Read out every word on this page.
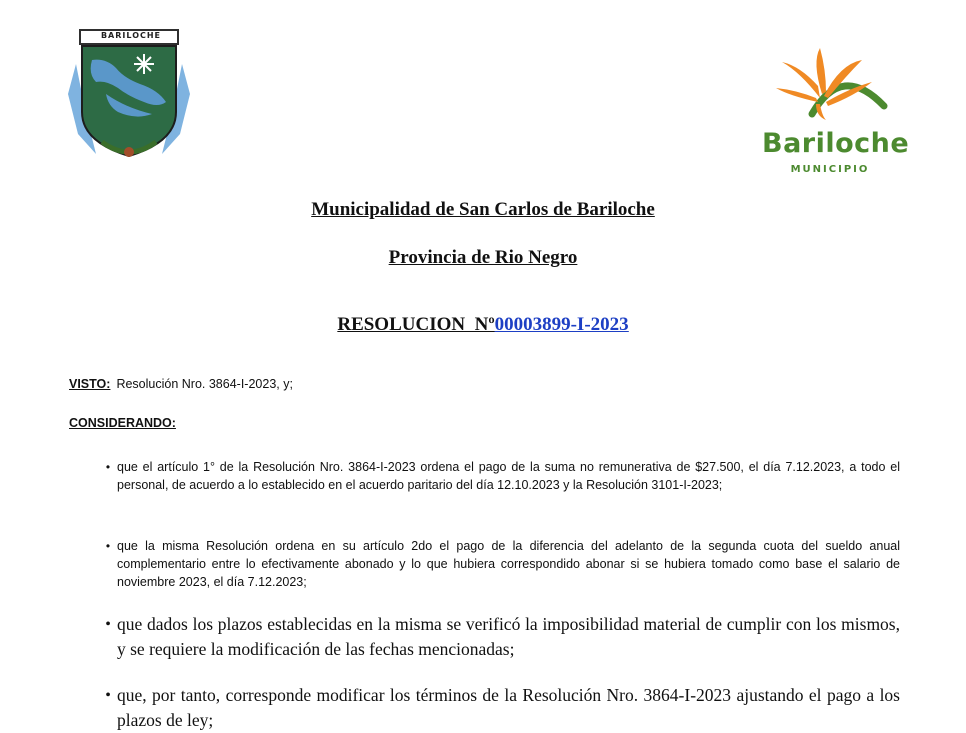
BARILOCHE
Bariloche
MUNICIPIO
Municipalidad de San Carlos de Bariloche
Provincia de Rio Negro
RESOLUCION  Nº00003899-I-2023
VISTO: Resolución Nro. 3864-I-2023, y;
CONSIDERANDO:
• que el artículo 1° de la Resolución Nro. 3864-I-2023 ordena el pago de la suma no remunerativa de $27.500, el día 7.12.2023, a todo el personal, de acuerdo a lo establecido en el acuerdo paritario del día 12.10.2023 y la Resolución 3101-I-2023;
• que la misma Resolución ordena en su artículo 2do el pago de la diferencia del adelanto de la segunda cuota del sueldo anual complementario entre lo efectivamente abonado y lo que hubiera correspondido abonar si se hubiera tomado como base el salario de noviembre 2023, el día 7.12.2023;
• que dados los plazos establecidas en la misma se verificó la imposibilidad material de cumplir con los mismos, y se requiere la modificación de las fechas mencionadas;
• que, por tanto, corresponde modificar los términos de la Resolución Nro. 3864-I-2023 ajustando el pago a los plazos de ley;
